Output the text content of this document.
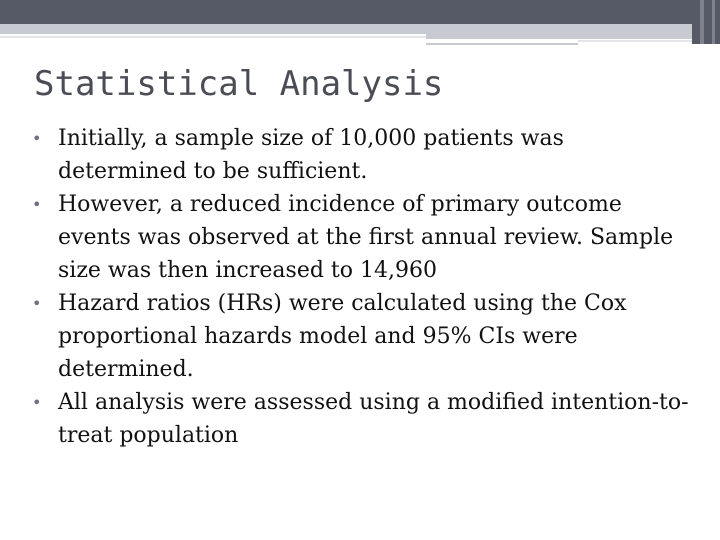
Statistical Analysis
• Initially, a sample size of 10,000 patients was determined to be sufficient.
• However, a reduced incidence of primary outcome events was observed at the first annual review. Sample size was then increased to 14,960
• Hazard ratios (HRs) were calculated using the Cox proportional hazards model and 95% CIs were determined.
• All analysis were assessed using a modified intention-to-treat population
